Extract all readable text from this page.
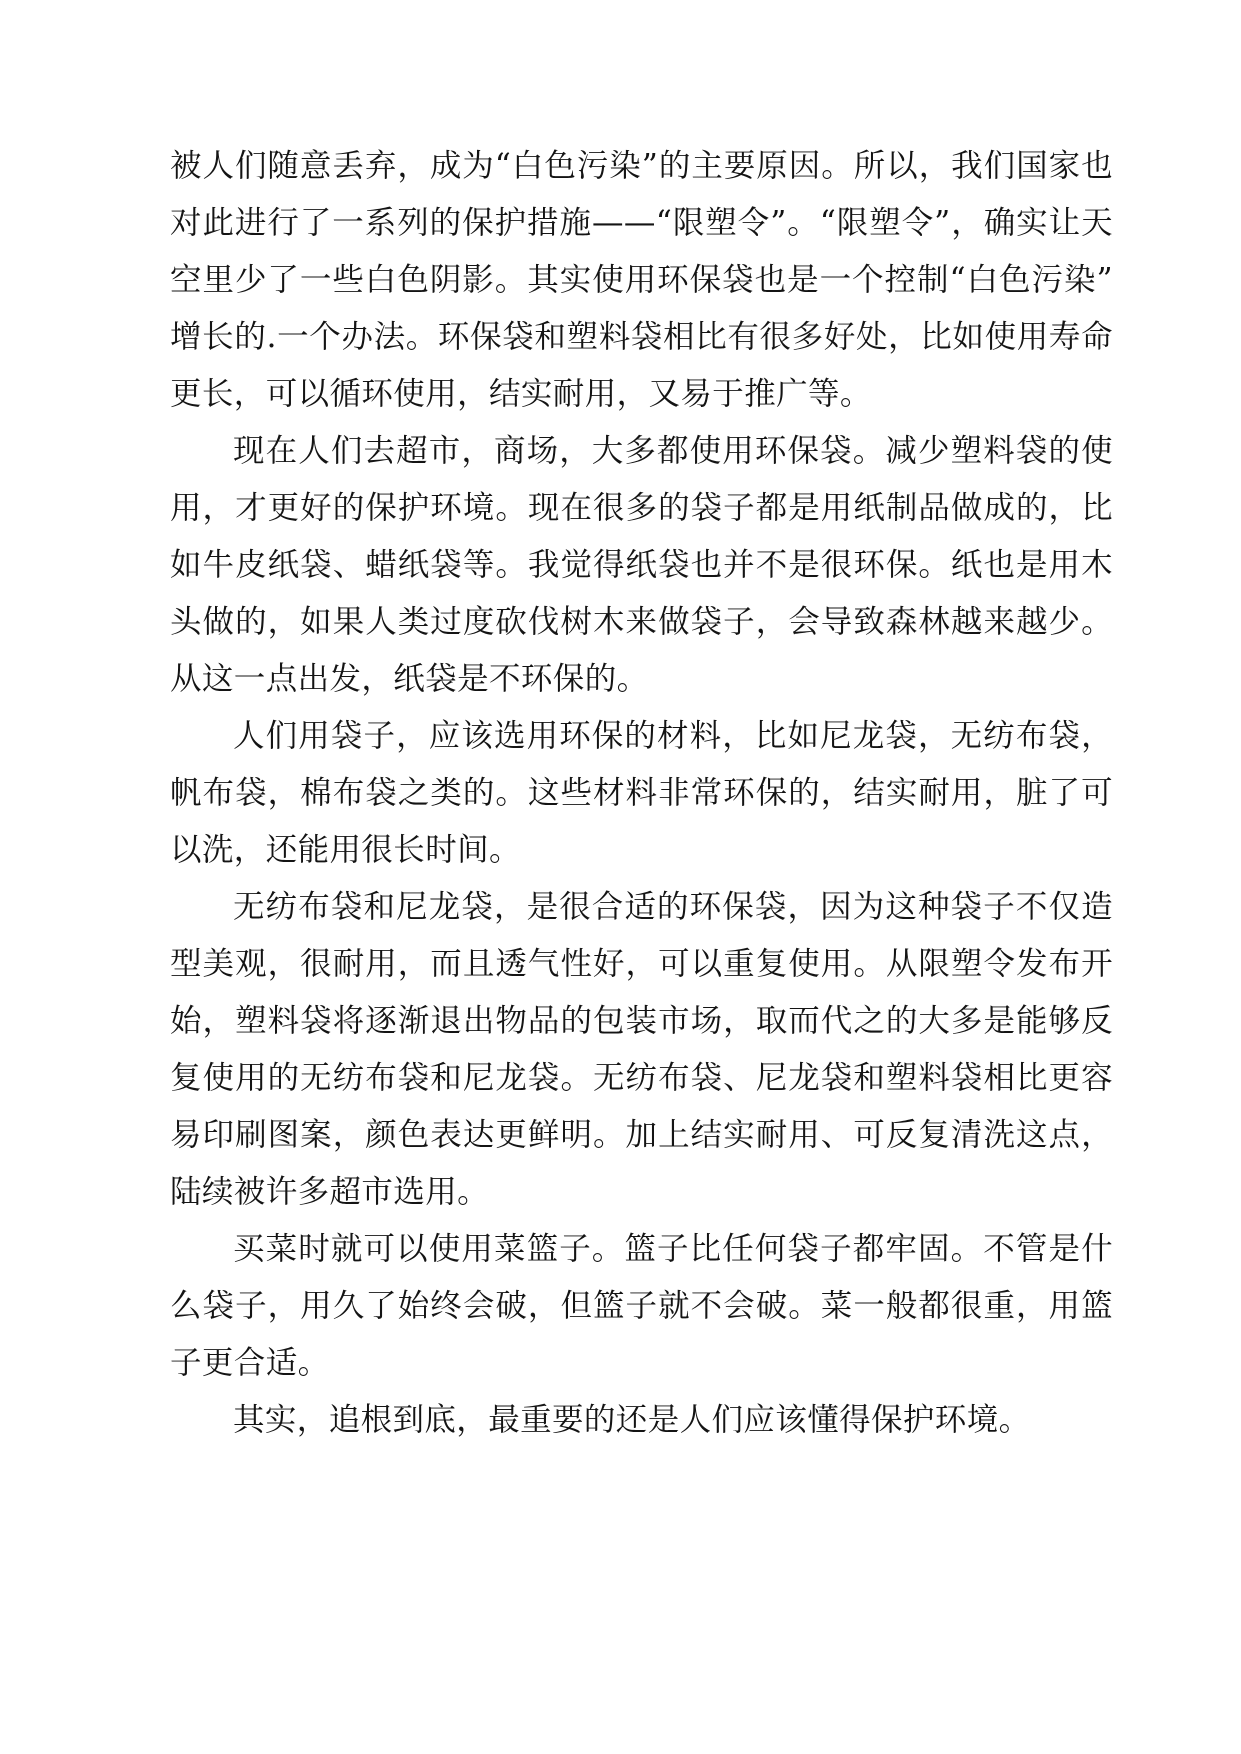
被人们随意丢弃，成为“白色污染”的主要原因。所以，我们国家也对此进行了一系列的保护措施——“限塑令”。“限塑令”，确实让天空里少了一些白色阴影。其实使用环保袋也是一个控制“白色污染”增长的.一个办法。环保袋和塑料袋相比有很多好处，比如使用寿命更长，可以循环使用，结实耐用，又易于推广等。

现在人们去超市，商场，大多都使用环保袋。减少塑料袋的使用，才更好的保护环境。现在很多的袋子都是用纸制品做成的，比如牛皮纸袋、蜡纸袋等。我觉得纸袋也并不是很环保。纸也是用木头做的，如果人类过度砍伐树木来做袋子，会导致森林越来越少。从这一点出发，纸袋是不环保的。

人们用袋子，应该选用环保的材料，比如尼龙袋，无纺布袋，帆布袋，棉布袋之类的。这些材料非常环保的，结实耐用，脏了可以洗，还能用很长时间。

无纺布袋和尼龙袋，是很合适的环保袋，因为这种袋子不仅造型美观，很耐用，而且透气性好，可以重复使用。从限塑令发布开始，塑料袋将逐渐退出物品的包装市场，取而代之的大多是能够反复使用的无纺布袋和尼龙袋。无纺布袋、尼龙袋和塑料袋相比更容易印刷图案，颜色表达更鲜明。加上结实耐用、可反复清洗这点，陆续被许多超市选用。

买菜时就可以使用菜篮子。篮子比任何袋子都牢固。不管是什么袋子，用久了始终会破，但篮子就不会破。菜一般都很重，用篮子更合适。

其实，追根到底，最重要的还是人们应该懂得保护环境。
